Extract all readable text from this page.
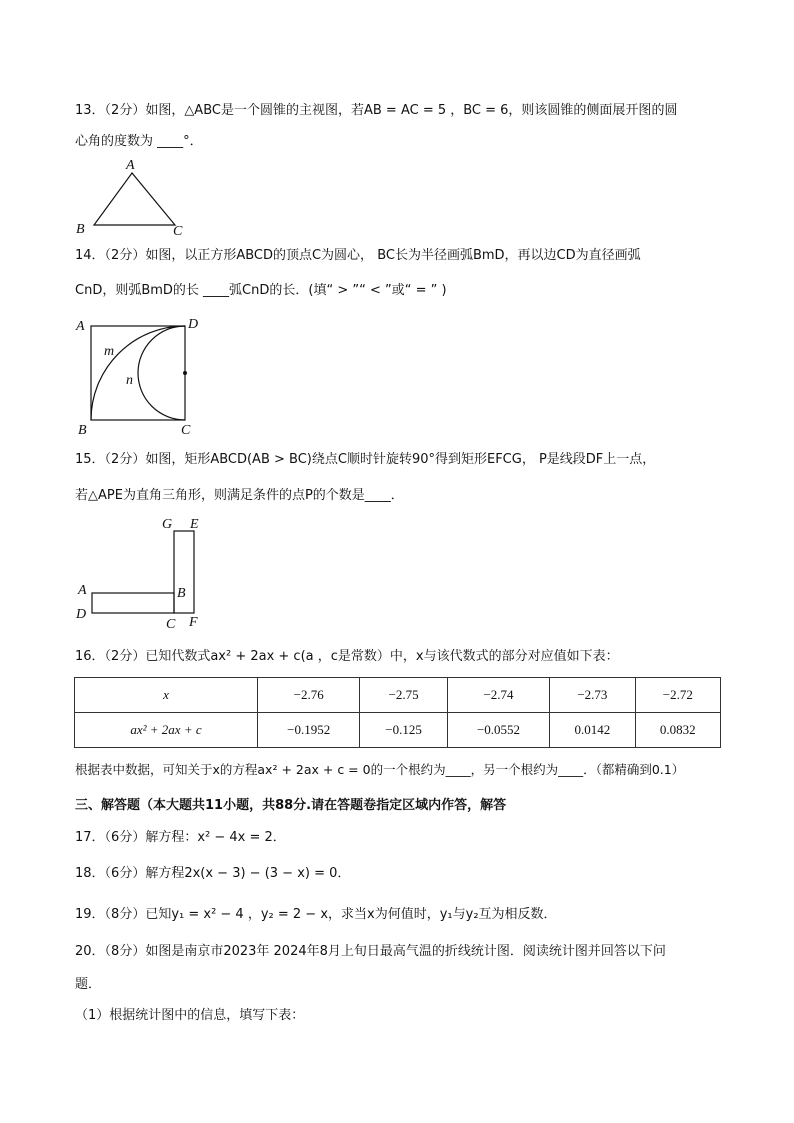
13．（2分）如图，△ABC是一个圆锥的主视图，若AB = AC = 5 ，BC = 6，则该圆锥的侧面展开图的圆
心角的度数为 ____°．
A
B	C
14．（2分）如图，以正方形ABCD的顶点C为圆心， BC长为半径画弧BmD，再以边CD为直径画弧
CnD，则弧BmD的长 ____弧CnD的长．(填“ > ”“ < ”或“ = ” )
A	D
B	C
m
n
15．（2分）如图，矩形ABCD(AB > BC)绕点C顺时针旋转90°得到矩形EFCG， P是线段DF上一点，
若△APE为直角三角形，则满足条件的点P的个数是____．
G E
A	B
D
C F
16．（2分）已知代数式ax² + 2ax + c(a ，c是常数）中，x与该代数式的部分对应值如下表：
x	−2.76	−2.75	−2.74	−2.73	−2.72
ax² + 2ax + c	−0.1952	−0.125	−0.0552	0.0142	0.0832
根据表中数据，可知关于x的方程ax² + 2ax + c = 0的一个根约为____，另一个根约为____．（都精确到0.1）
三、解答题（本大题共11小题，共88分.请在答题卷指定区域内作答，解答
17．（6分）解方程：x² − 4x = 2．
18．（6分）解方程2x(x − 3) − (3 − x) = 0．
19．（8分）已知y₁ = x² − 4 ，y₂ = 2 − x，求当x为何值时，y₁与y₂互为相反数．
20．（8分）如图是南京市2023年 2024年8月上旬日最高气温的折线统计图．阅读统计图并回答以下问
题．
（1）根据统计图中的信息，填写下表：
